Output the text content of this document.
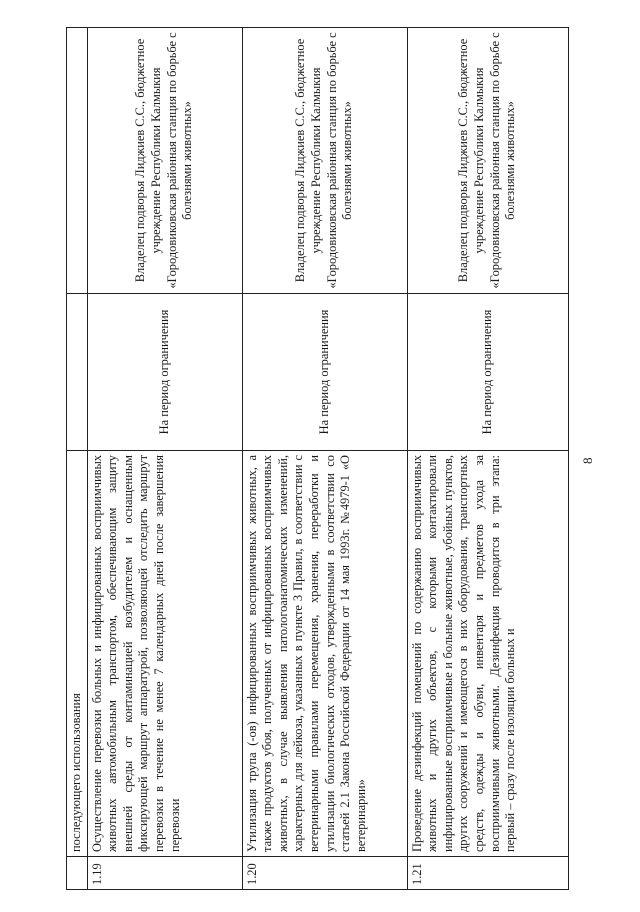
	последующего использования		
1.19	Осуществление перевозки больных и инфицированных восприимчивых животных автомобильным транспортом, обеспечивающим защиту внешней среды от контаминацией возбудителем и оснащенным фиксирующей маршрут аппаратурой, позволяющей отследить маршрут перевозки в течение не менее 7 календарных дней после завершения перевозки	На период ограничения	Владелец подворья Лиджиев С.С., бюджетное учреждение Республики Калмыкия «Городовиковская районная станция по борьбе с болезнями животных»
1.20	Утилизация трупа (-ов) инфицированных восприимчивых животных, а также продуктов убоя, полученных от инфицированных восприимчивых животных, в случае выявления патологоанатомических изменений, характерных для лейкоза, указанных в пункте 3 Правил, в соответствии с ветеринарными правилами перемещения, хранения, переработки и утилизации биологических отходов, утвержденными в соответствии со статьей 2.1 Закона Российской Федерации от 14 мая 1993г. №4979-1 «О ветеринарии»	На период ограничения	Владелец подворья Лиджиев С.С., бюджетное учреждение Республики Калмыкия «Городовиковская районная станция по борьбе с болезнями животных»
1.21	Проведение дезинфекций помещений по содержанию восприимчивых животных и других объектов, с которыми контактировали инфицированные восприимчивые и больные животные, убойных пунктов, других сооружений и имеющегося в них оборудования, транспортных средств, одежды и обуви, инвентаря и предметов ухода за восприимчивыми животными. Дезинфекция проводится в три этапа: первый – сразу после изоляции больных и	На период ограничения	Владелец подворья Лиджиев С.С., бюджетное учреждение Республики Калмыкия «Городовиковская районная станция по борьбе с болезнями животных»
8
